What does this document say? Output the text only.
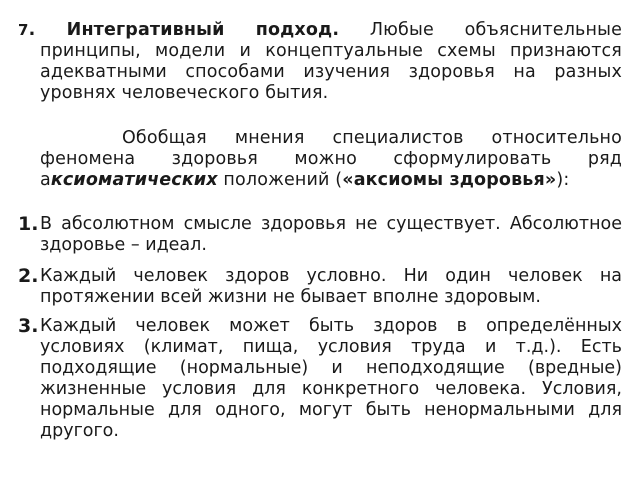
7. Интегративный подход. Любые объяснительные принципы, модели и концептуальные схемы признаются адекватными способами изучения здоровья на разных уровнях человеческого бытия.
Обобщая мнения специалистов относительно феномена здоровья можно сформулировать ряд аксиоматических положений («аксиомы здоровья»):
1. В абсолютном смысле здоровья не существует. Абсолютное здоровье – идеал.
2. Каждый человек здоров условно. Ни один человек на протяжении всей жизни не бывает вполне здоровым.
3. Каждый человек может быть здоров в определённых условиях (климат, пища, условия труда и т.д.). Есть подходящие (нормальные) и неподходящие (вредные) жизненные условия для конкретного человека. Условия, нормальные для одного, могут быть ненормальными для другого.
